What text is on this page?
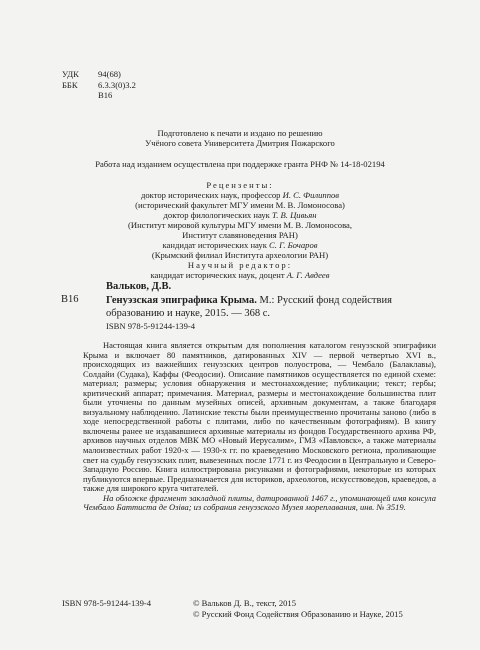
УДК 94(68)
ББК 6.3.3(0)3.2
В16
Подготовлено к печати и издано по решению
Учёного совета Университета Дмитрия Пожарского
Работа над изданием осуществлена при поддержке гранта РНФ № 14-18-02194
Рецензенты:
доктор исторических наук, профессор И. С. Филиппов
(исторический факультет МГУ имени М. В. Ломоносова)
доктор филологических наук Т. В. Цивьян
(Институт мировой культуры МГУ имени М. В. Ломоносова,
Институт славяноведения РАН)
кандидат исторических наук С. Г. Бочаров
(Крымский филиал Института археологии РАН)
Научный редактор:
кандидат исторических наук, доцент А. Г. Авдеев
В16
Вальков, Д.В.
Генуэзская эпиграфика Крыма. М.: Русский фонд содействия образованию и науке, 2015. — 368 с.
ISBN 978-5-91244-139-4

Настоящая книга является открытым для пополнения каталогом генуэзской эпиграфики Крыма и включает 80 памятников, датированных XIV — первой четвертью XVI в., происходящих из важнейших генуэзских центров полуострова, — Чембало (Балаклавы), Солдайи (Судака), Каффы (Феодосии). Описание памятников осуществляется по единой схеме: материал; размеры; условия обнаружения и местонахождение; публикации; текст; гербы; критический аппарат; примечания. Материал, размеры и местонахождение большинства плит были уточнены по данным музейных описей, архивным документам, а также благодаря визуальному наблюдению. Латинские тексты были преимущественно прочитаны заново (либо в ходе непосредственной работы с плитами, либо по качественным фотографиям). В книгу включены ранее не издававшиеся архивные материалы из фондов Государственного архива РФ, архивов научных отделов МВК МО «Новый Иерусалим», ГМЗ «Павловск», а также материалы малоизвестных работ 1920-х — 1930-х гг. по краеведению Московского региона, проливающие свет на судьбу генуэзских плит, вывезенных после 1771 г. из Феодосии в Центральную и Северо-Западную Россию. Книга иллюстрирована рисунками и фотографиями, некоторые из которых публикуются впервые. Предназначается для историков, археологов, искусствоведов, краеведов, а также для широкого круга читателей.

На обложке фрагмент закладной плиты, датированной 1467 г., упоминающей имя консула Чембало Баттиста де Озіва; из собрания генуэзского Музея мореплавания, инв. № 3519.

ISBN 978-5-91244-139-4	© Вальков Д. В., текст, 2015
© Русский Фонд Содействия Образованию и Науке, 2015
